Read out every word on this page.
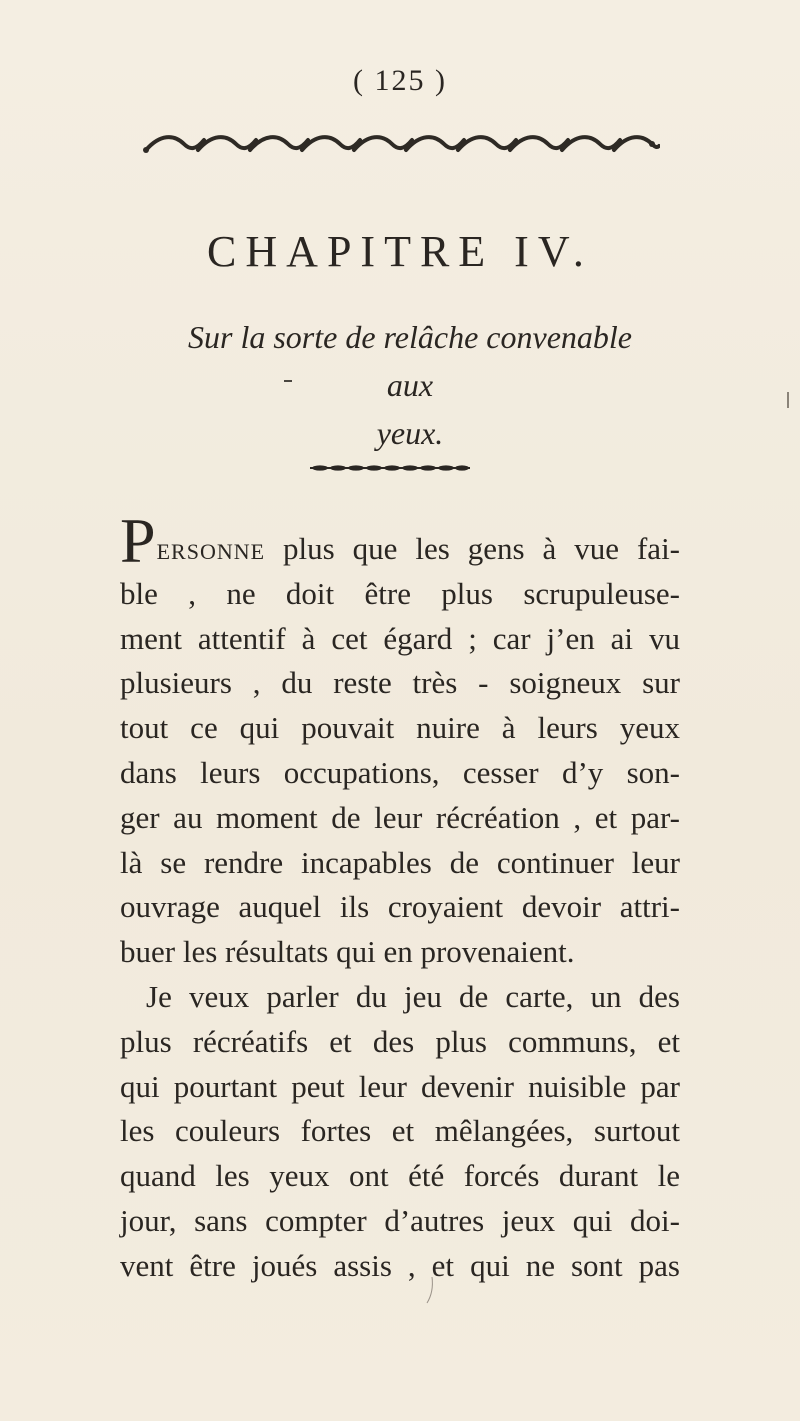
( 125 )
CHAPITRE IV.
Sur la sorte de relâche convenable aux
yeux.
Personne plus que les gens à vue fai-
ble , ne doit être plus scrupuleuse-
ment attentif à cet égard ; car j’en ai vu
plusieurs , du reste très - soigneux sur
tout ce qui pouvait nuire à leurs yeux
dans leurs occupations, cesser d’y son-
ger au moment de leur récréation , et par-
là se rendre incapables de continuer leur
ouvrage auquel ils croyaient devoir attri-
buer les résultats qui en provenaient.
Je veux parler du jeu de carte, un des
plus récréatifs et des plus communs, et
qui pourtant peut leur devenir nuisible par
les couleurs fortes et mêlangées, surtout
quand les yeux ont été forcés durant le
jour, sans compter d’autres jeux qui doi-
vent être joués assis , et qui ne sont pas
